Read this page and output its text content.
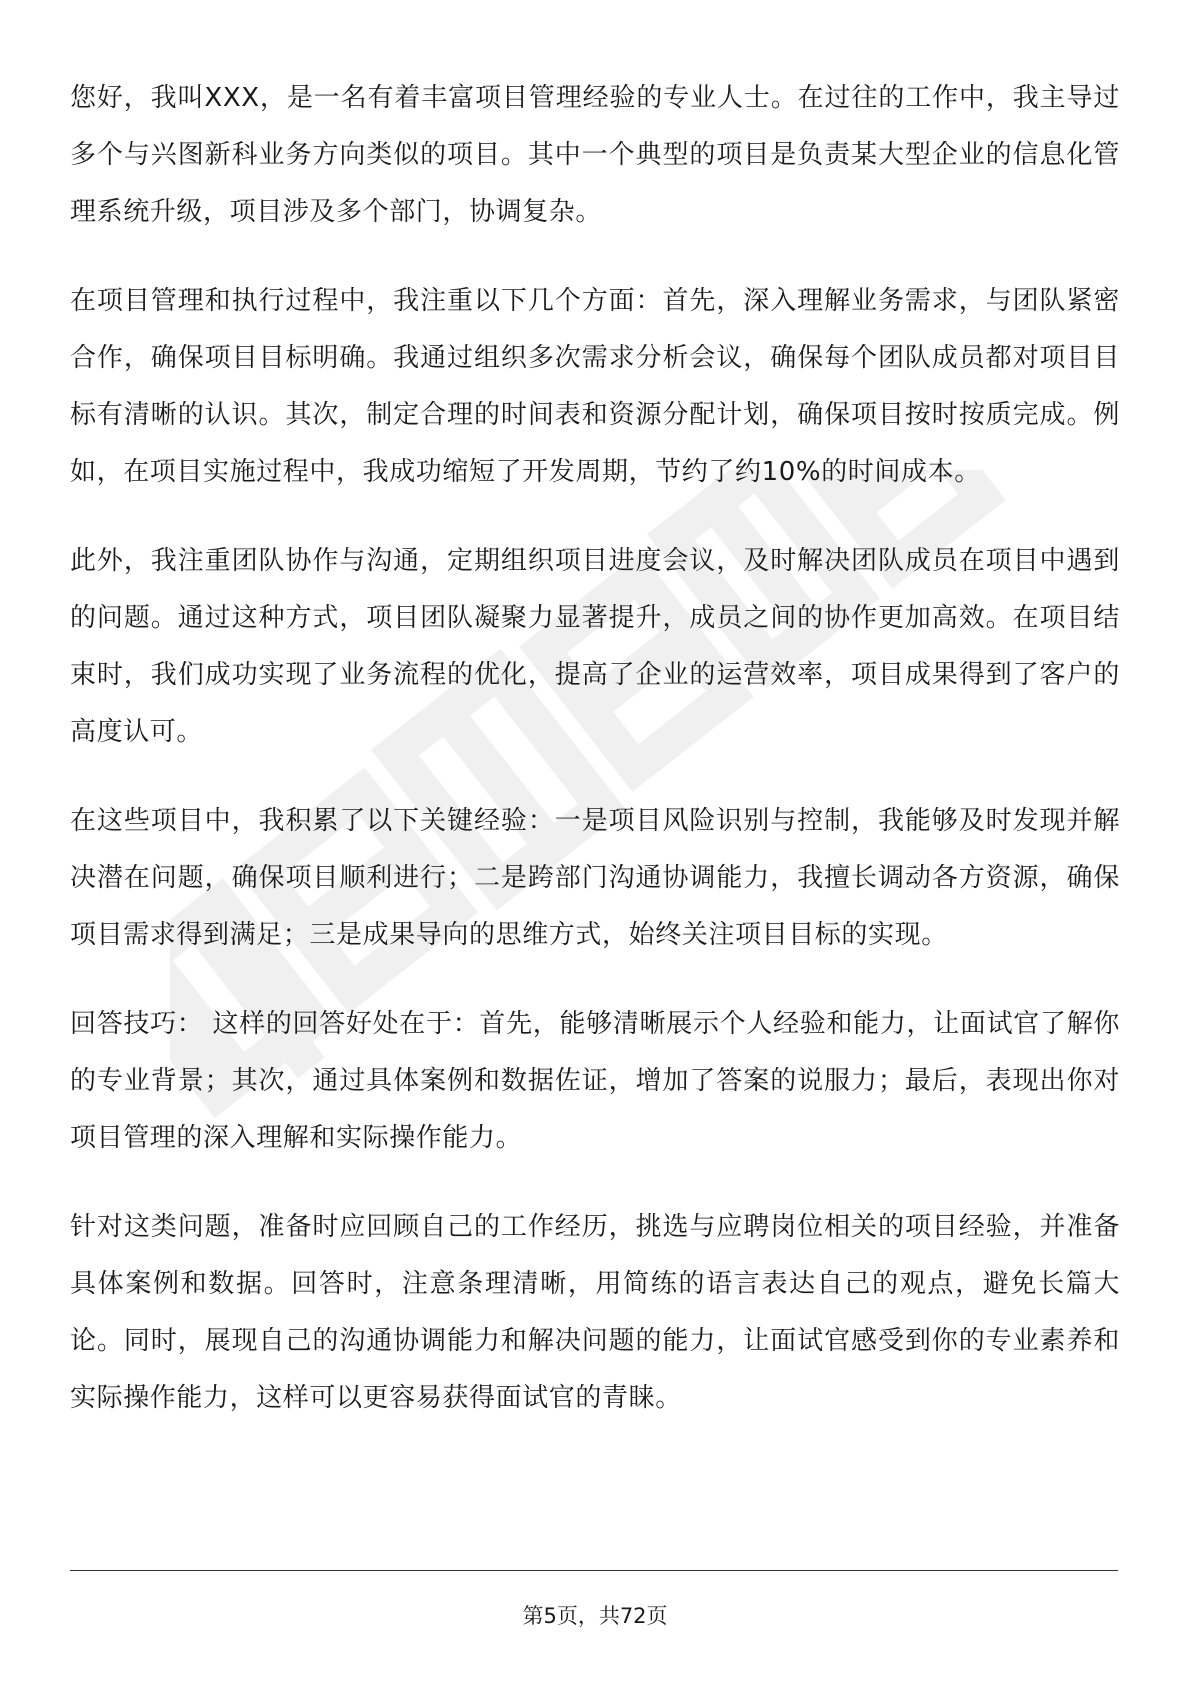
您好，我叫XXX，是一名有着丰富项目管理经验的专业人士。在过往的工作中，我主导过多个与兴图新科业务方向类似的项目。其中一个典型的项目是负责某大型企业的信息化管理系统升级，项目涉及多个部门，协调复杂。

在项目管理和执行过程中，我注重以下几个方面：首先，深入理解业务需求，与团队紧密合作，确保项目目标明确。我通过组织多次需求分析会议，确保每个团队成员都对项目目标有清晰的认识。其次，制定合理的时间表和资源分配计划，确保项目按时按质完成。例如，在项目实施过程中，我成功缩短了开发周期，节约了约10%的时间成本。

此外，我注重团队协作与沟通，定期组织项目进度会议，及时解决团队成员在项目中遇到的问题。通过这种方式，项目团队凝聚力显著提升，成员之间的协作更加高效。在项目结束时，我们成功实现了业务流程的优化，提高了企业的运营效率，项目成果得到了客户的高度认可。

在这些项目中，我积累了以下关键经验：一是项目风险识别与控制，我能够及时发现并解决潜在问题，确保项目顺利进行；二是跨部门沟通协调能力，我擅长调动各方资源，确保项目需求得到满足；三是成果导向的思维方式，始终关注项目目标的实现。

回答技巧： 这样的回答好处在于：首先，能够清晰展示个人经验和能力，让面试官了解你的专业背景；其次，通过具体案例和数据佐证，增加了答案的说服力；最后，表现出你对项目管理的深入理解和实际操作能力。

针对这类问题，准备时应回顾自己的工作经历，挑选与应聘岗位相关的项目经验，并准备具体案例和数据。回答时，注意条理清晰，用简练的语言表达自己的观点，避免长篇大论。同时，展现自己的沟通协调能力和解决问题的能力，让面试官感受到你的专业素养和实际操作能力，这样可以更容易获得面试官的青睐。

第5页，共72页
